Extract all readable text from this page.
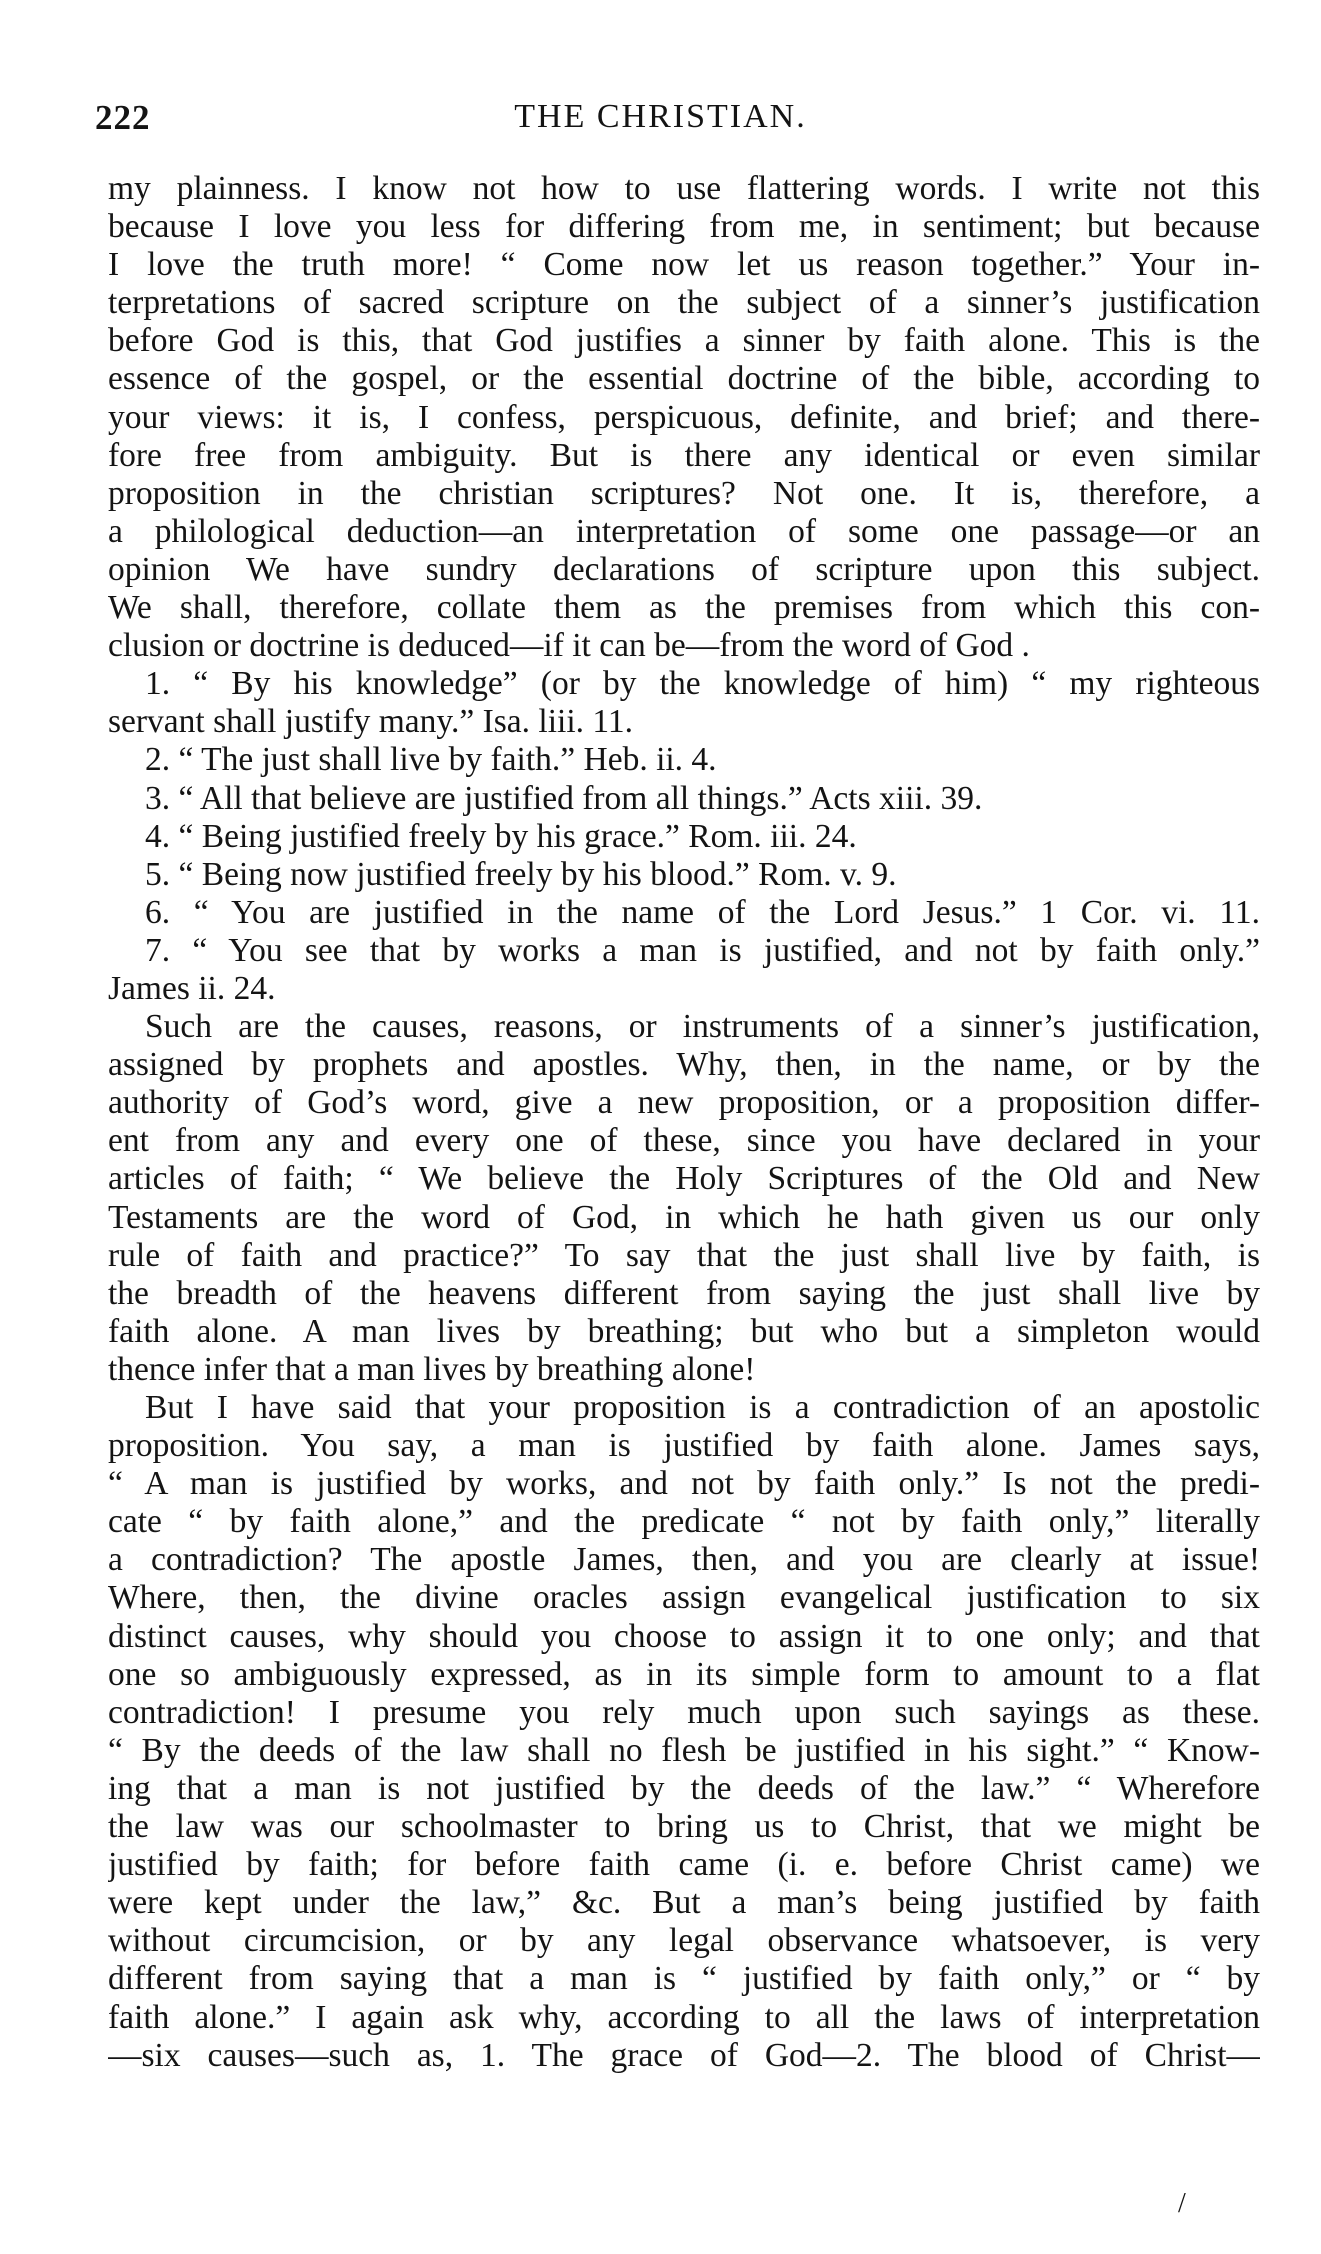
222	THE CHRISTIAN.
my plainness. I know not how to use flattering words. I write not this
because I love you less for differing from me, in sentiment; but because
I love the truth more! “ Come now let us reason together.” Your in-
terpretations of sacred scripture on the subject of a sinner’s justification
before God is this, that God justifies a sinner by faith alone. This is the
essence of the gospel, or the essential doctrine of the bible, according to
your views: it is, I confess, perspicuous, definite, and brief; and there-
fore free from ambiguity. But is there any identical or even similar
proposition in the christian scriptures? Not one. It is, therefore, a
a philological deduction—an interpretation of some one passage—or an
opinion We have sundry declarations of scripture upon this subject.
We shall, therefore, collate them as the premises from which this con-
clusion or doctrine is deduced—if it can be—from the word of God .
1. “ By his knowledge” (or by the knowledge of him) “ my righteous
servant shall justify many.” Isa. liii. 11.
2. “ The just shall live by faith.” Heb. ii. 4.
3. “ All that believe are justified from all things.” Acts xiii. 39.
4. “ Being justified freely by his grace.” Rom. iii. 24.
5. “ Being now justified freely by his blood.” Rom. v. 9.
6. “ You are justified in the name of the Lord Jesus.” 1 Cor. vi. 11.
7. “ You see that by works a man is justified, and not by faith only.”
James ii. 24.
Such are the causes, reasons, or instruments of a sinner’s justification,
assigned by prophets and apostles. Why, then, in the name, or by the
authority of God’s word, give a new proposition, or a proposition differ-
ent from any and every one of these, since you have declared in your
articles of faith; “ We believe the Holy Scriptures of the Old and New
Testaments are the word of God, in which he hath given us our only
rule of faith and practice?” To say that the just shall live by faith, is
the breadth of the heavens different from saying the just shall live by
faith alone. A man lives by breathing; but who but a simpleton would
thence infer that a man lives by breathing alone!
But I have said that your proposition is a contradiction of an apostolic
proposition. You say, a man is justified by faith alone. James says,
“ A man is justified by works, and not by faith only.” Is not the predi-
cate “ by faith alone,” and the predicate “ not by faith only,” literally
a contradiction? The apostle James, then, and you are clearly at issue!
Where, then, the divine oracles assign evangelical justification to six
distinct causes, why should you choose to assign it to one only; and that
one so ambiguously expressed, as in its simple form to amount to a flat
contradiction! I presume you rely much upon such sayings as these.
“ By the deeds of the law shall no flesh be justified in his sight.” “ Know-
ing that a man is not justified by the deeds of the law.” “ Wherefore
the law was our schoolmaster to bring us to Christ, that we might be
justified by faith; for before faith came (i. e. before Christ came) we
were kept under the law,” &c. But a man’s being justified by faith
without circumcision, or by any legal observance whatsoever, is very
different from saying that a man is “ justified by faith only,” or “ by
faith alone.” I again ask why, according to all the laws of interpretation
—six causes—such as, 1. The grace of God—2. The blood of Christ—
/
